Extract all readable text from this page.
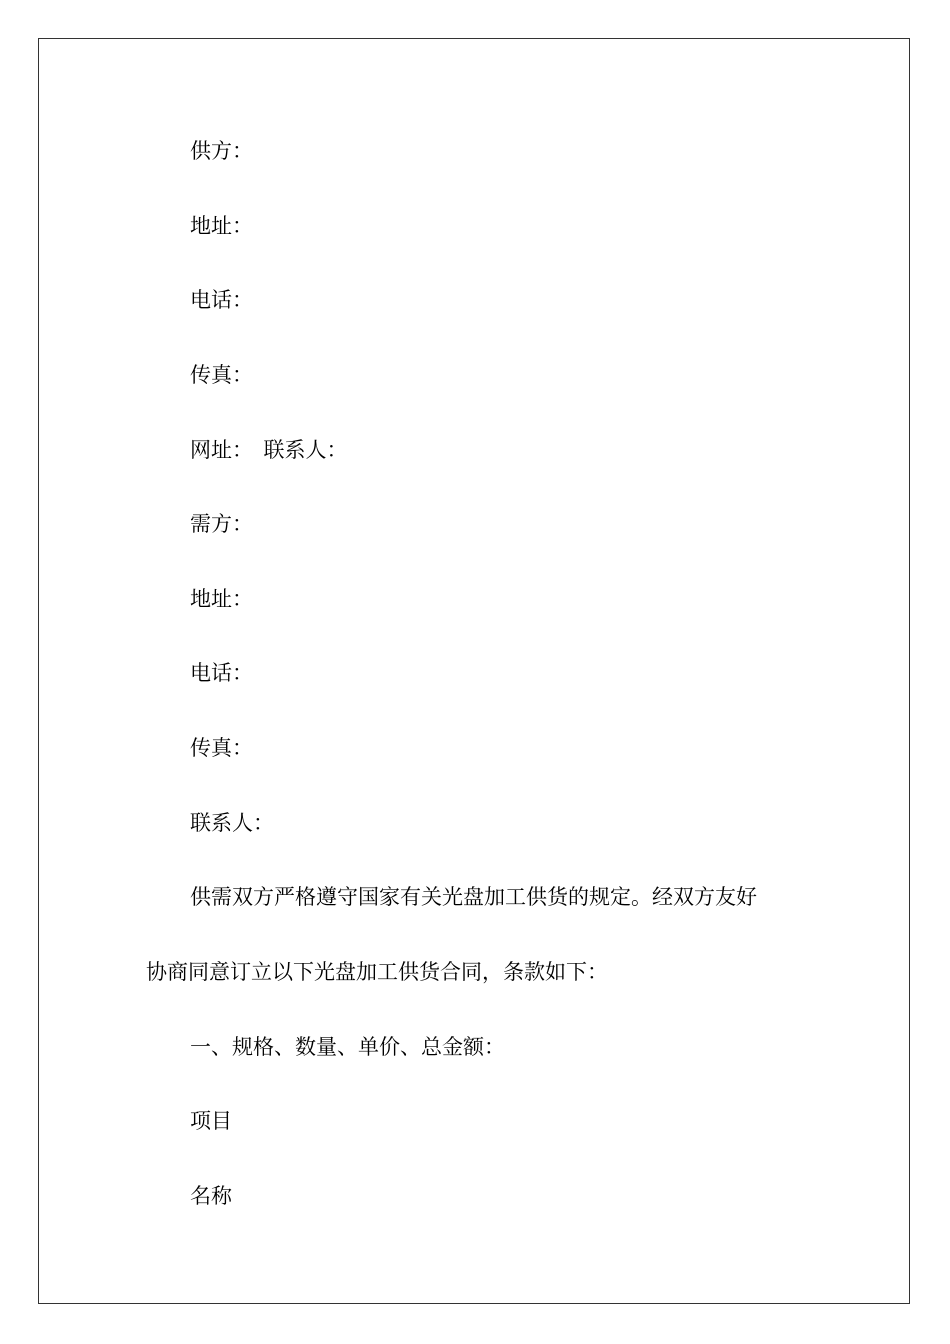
供方：
地址：
电话：
传真：
网址：　联系人：
需方：
地址：
电话：
传真：
联系人：
供需双方严格遵守国家有关光盘加工供货的规定。经双方友好
协商同意订立以下光盘加工供货合同，条款如下：
一、规格、数量、单价、总金额：
项目
名称
